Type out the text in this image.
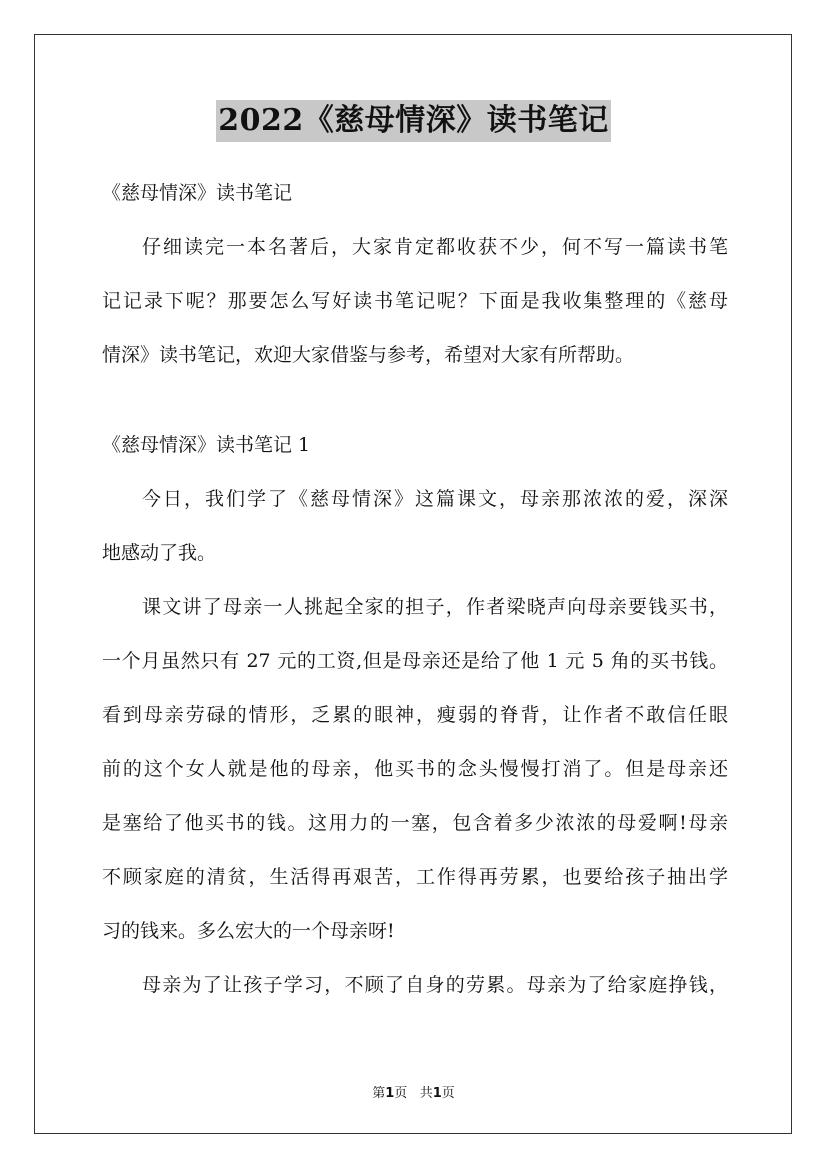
2022《慈母情深》读书笔记
《慈母情深》读书笔记
仔细读完一本名著后，大家肯定都收获不少，何不写一篇读书笔
记记录下呢？那要怎么写好读书笔记呢？下面是我收集整理的《慈母
情深》读书笔记，欢迎大家借鉴与参考，希望对大家有所帮助。
《慈母情深》读书笔记 1
今日，我们学了《慈母情深》这篇课文，母亲那浓浓的爱，深深
地感动了我。
课文讲了母亲一人挑起全家的担子，作者梁晓声向母亲要钱买书，
一个月虽然只有 27 元的工资,但是母亲还是给了他 1 元 5 角的买书钱。
看到母亲劳碌的情形，乏累的眼神，瘦弱的脊背，让作者不敢信任眼
前的这个女人就是他的母亲，他买书的念头慢慢打消了。但是母亲还
是塞给了他买书的钱。这用力的一塞，包含着多少浓浓的母爱啊!母亲
不顾家庭的清贫，生活得再艰苦，工作得再劳累，也要给孩子抽出学
习的钱来。多么宏大的一个母亲呀!
母亲为了让孩子学习，不顾了自身的劳累。母亲为了给家庭挣钱，
第1页 共1页
